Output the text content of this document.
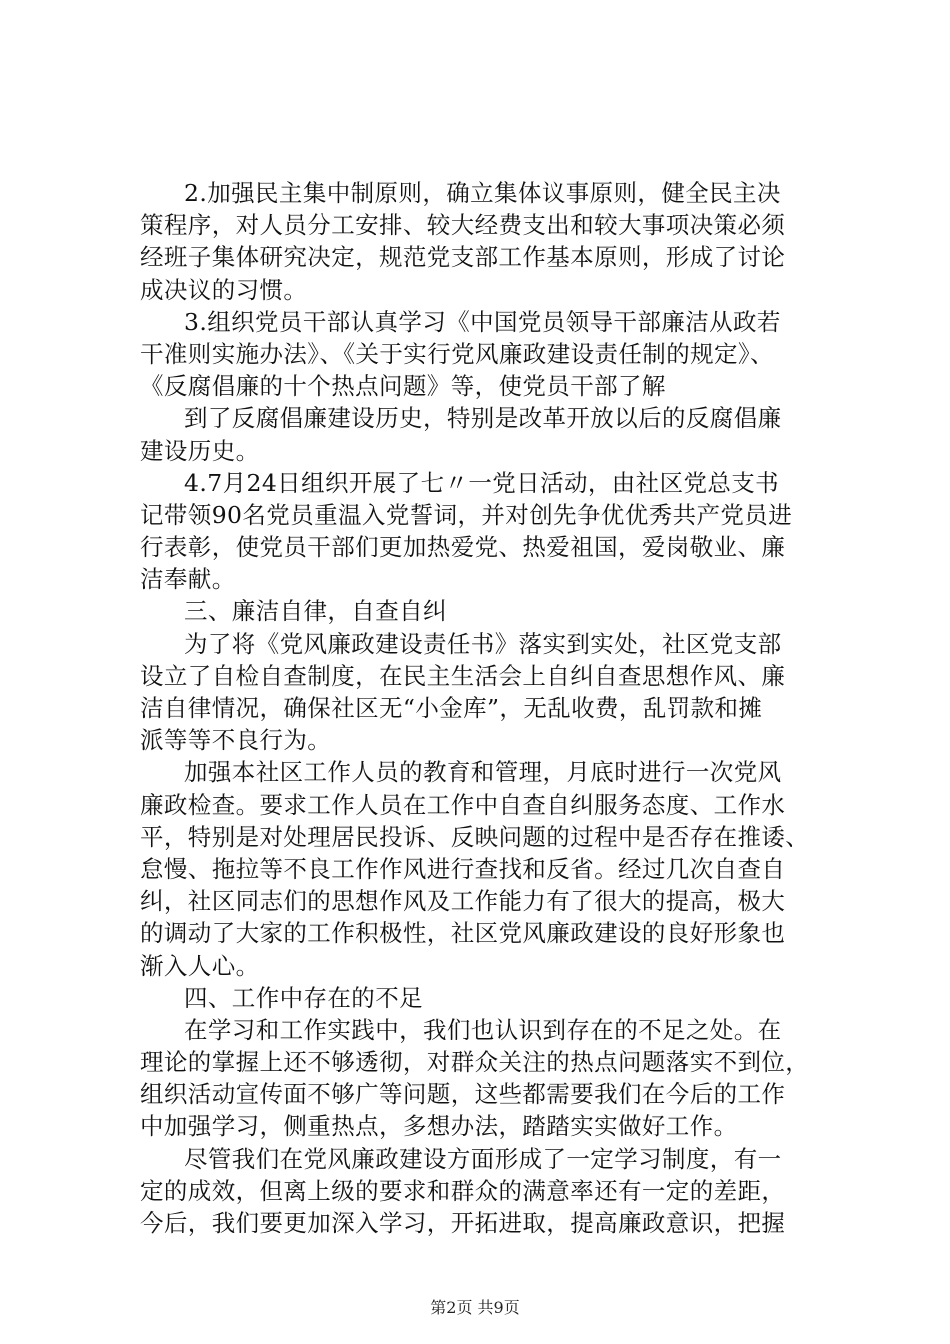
2.加强民主集中制原则，确立集体议事原则，健全民主决
策程序，对人员分工安排、较大经费支出和较大事项决策必须
经班子集体研究决定，规范党支部工作基本原则，形成了讨论
成决议的习惯。
3.组织党员干部认真学习《中国党员领导干部廉洁从政若
干准则实施办法》、《关于实行党风廉政建设责任制的规定》、
《反腐倡廉的十个热点问题》等，使党员干部了解
到了反腐倡廉建设历史，特别是改革开放以后的反腐倡廉
建设历史。
4.7月24日组织开展了七〃一党日活动，由社区党总支书
记带领90名党员重温入党誓词，并对创先争优优秀共产党员进
行表彰，使党员干部们更加热爱党、热爱祖国，爱岗敬业、廉
洁奉献。
三、廉洁自律，自查自纠
为了将《党风廉政建设责任书》落实到实处，社区党支部
设立了自检自查制度，在民主生活会上自纠自查思想作风、廉
洁自律情况，确保社区无“小金库”，无乱收费，乱罚款和摊
派等等不良行为。
加强本社区工作人员的教育和管理，月底时进行一次党风
廉政检查。要求工作人员在工作中自查自纠服务态度、工作水
平，特别是对处理居民投诉、反映问题的过程中是否存在推诿、
怠慢、拖拉等不良工作作风进行查找和反省。经过几次自查自
纠，社区同志们的思想作风及工作能力有了很大的提高，极大
的调动了大家的工作积极性，社区党风廉政建设的良好形象也
渐入人心。
四、工作中存在的不足
在学习和工作实践中，我们也认识到存在的不足之处。在
理论的掌握上还不够透彻，对群众关注的热点问题落实不到位，
组织活动宣传面不够广等问题，这些都需要我们在今后的工作
中加强学习，侧重热点，多想办法，踏踏实实做好工作。
尽管我们在党风廉政建设方面形成了一定学习制度，有一
定的成效，但离上级的要求和群众的满意率还有一定的差距，
今后，我们要更加深入学习，开拓进取，提高廉政意识，把握
第2页 共9页
